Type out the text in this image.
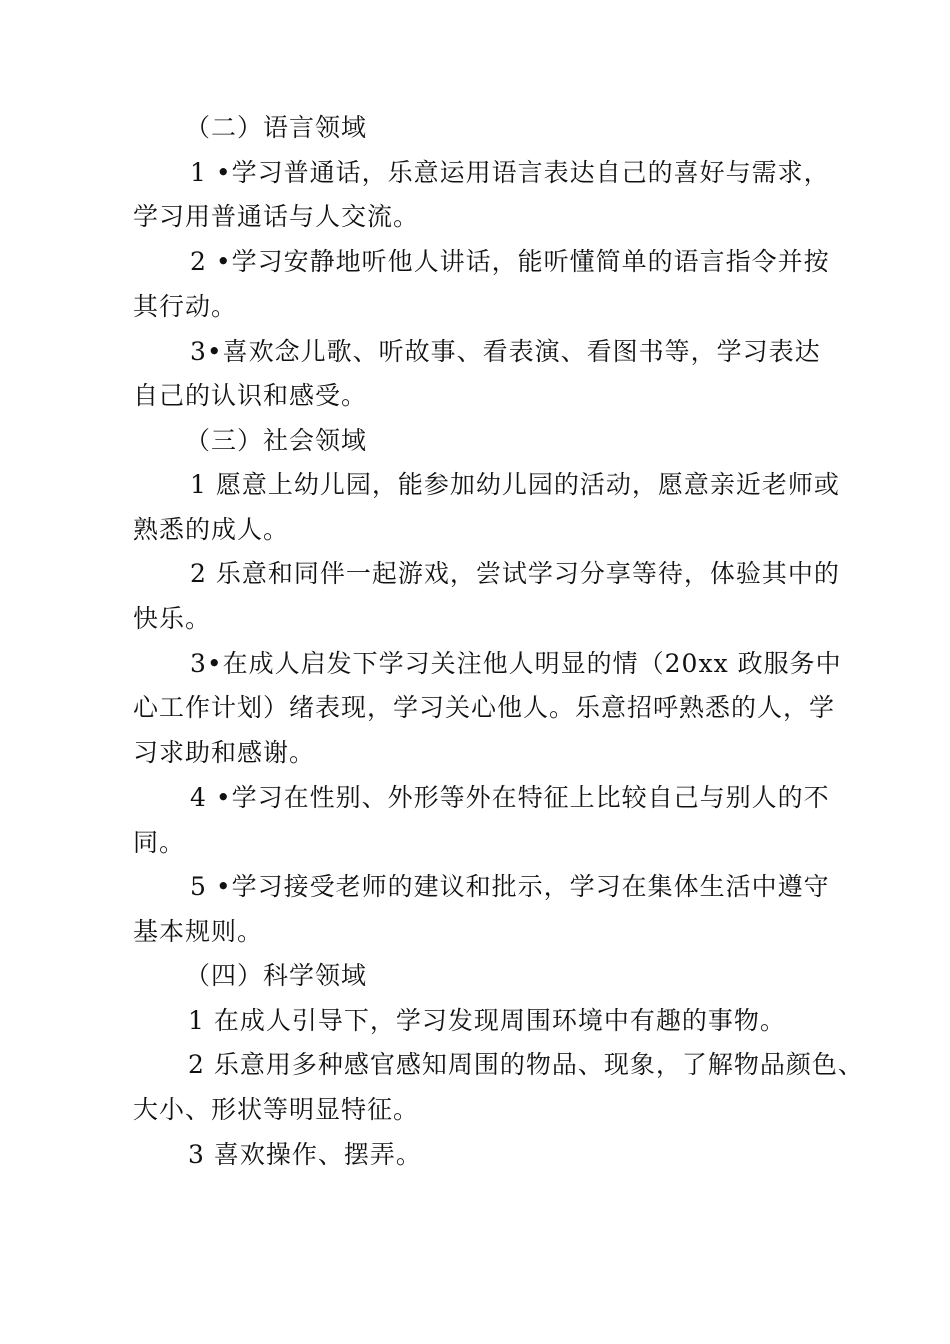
（二）语言领域
1 •学习普通话，乐意运用语言表达自己的喜好与需求，
学习用普通话与人交流。
2 •学习安静地听他人讲话，能听懂简单的语言指令并按
其行动。
3•喜欢念儿歌、听故事、看表演、看图书等，学习表达
自己的认识和感受。
（三）社会领域
1 愿意上幼儿园，能参加幼儿园的活动，愿意亲近老师或
熟悉的成人。
2 乐意和同伴一起游戏，尝试学习分享等待，体验其中的
快乐。
3•在成人启发下学习关注他人明显的情（20xx 政服务中
心工作计划）绪表现，学习关心他人。乐意招呼熟悉的人，学
习求助和感谢。
4 •学习在性别、外形等外在特征上比较自己与别人的不
同。
5 •学习接受老师的建议和批示，学习在集体生活中遵守
基本规则。
（四）科学领域
1 在成人引导下，学习发现周围环境中有趣的事物。
2 乐意用多种感官感知周围的物品、现象，了解物品颜色、
大小、形状等明显特征。
3 喜欢操作、摆弄。
